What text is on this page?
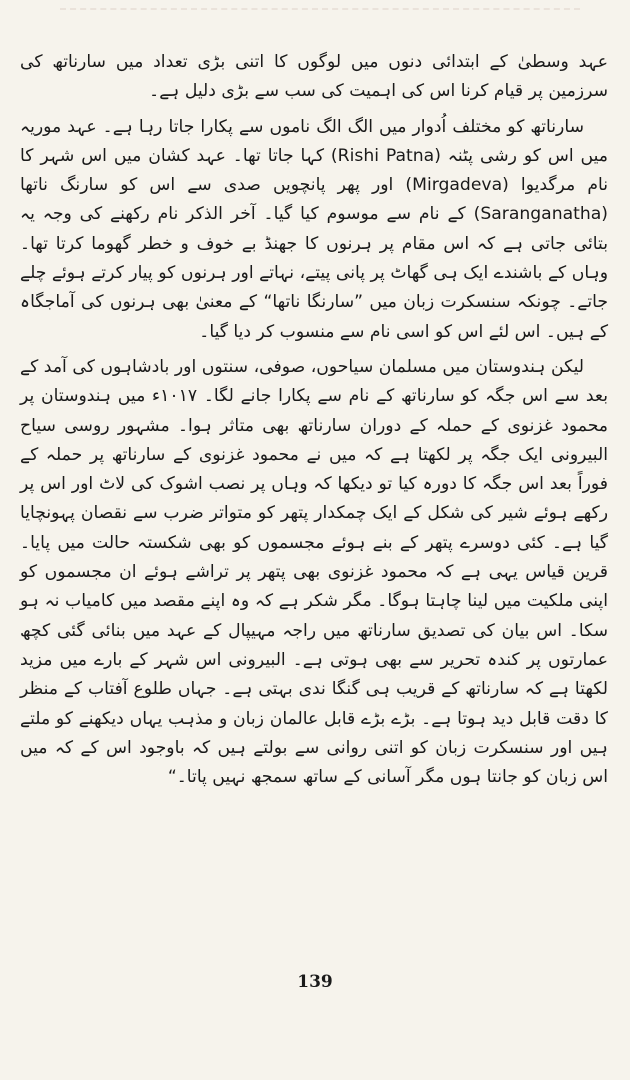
عہد وسطیٰ کے ابتدائی دنوں میں لوگوں کا اتنی بڑی تعداد میں سارناتھ کی سرزمین پر قیام کرنا اس کی اہمیت کی سب سے بڑی دلیل ہے۔

سارناتھ کو مختلف اُدوار میں الگ الگ ناموں سے پکارا جاتا رہا ہے۔ عہد موریہ میں اس کو رشی پٹنہ (Rishi Patna) کہا جاتا تھا۔ عہد کشان میں اس شہر کا نام مرگدیوا (Mirgadeva) اور پھر پانچویں صدی سے اس کو سارنگ ناتھا (Saranganatha) کے نام سے موسوم کیا گیا۔ آخر الذکر نام رکھنے کی وجہ یہ بتائی جاتی ہے کہ اس مقام پر ہرنوں کا جھنڈ بے خوف و خطر گھوما کرتا تھا۔ وہاں کے باشندے ایک ہی گھاٹ پر پانی پیتے، نہاتے اور ہرنوں کو پیار کرتے ہوئے چلے جاتے۔ چونکہ سنسکرت زبان میں ”سارنگا ناتھا“ کے معنیٰ بھی ہرنوں کی آماجگاہ کے ہیں۔ اس لئے اس کو اسی نام سے منسوب کر دیا گیا۔

لیکن ہندوستان میں مسلمان سیاحوں، صوفی، سنتوں اور بادشاہوں کی آمد کے بعد سے اس جگہ کو سارناتھ کے نام سے پکارا جانے لگا۔ ۱۰۱۷ء میں ہندوستان پر محمود غزنوی کے حملہ کے دوران سارناتھ بھی متاثر ہوا۔ مشہور روسی سیاح البیرونی ایک جگہ پر لکھتا ہے کہ میں نے محمود غزنوی کے سارناتھ پر حملہ کے فوراً بعد اس جگہ کا دورہ کیا تو دیکھا کہ وہاں پر نصب اشوک کی لاٹ اور اس پر رکھے ہوئے شیر کی شکل کے ایک چمکدار پتھر کو متواتر ضرب سے نقصان پہونچایا گیا ہے۔ کئی دوسرے پتھر کے بنے ہوئے مجسموں کو بھی شکستہ حالت میں پایا۔ قرین قیاس یہی ہے کہ محمود غزنوی بھی پتھر پر تراشے ہوئے ان مجسموں کو اپنی ملکیت میں لینا چاہتا ہوگا۔ مگر شکر ہے کہ وہ اپنے مقصد میں کامیاب نہ ہو سکا۔ اس بیان کی تصدیق سارناتھ میں راجہ مہیپال کے عہد میں بنائی گئی کچھ عمارتوں پر کندہ تحریر سے بھی ہوتی ہے۔ البیرونی اس شہر کے بارے میں مزید لکھتا ہے کہ سارناتھ کے قریب ہی گنگا ندی بہتی ہے۔ جہاں طلوع آفتاب کے منظر کا دقت قابل دید ہوتا ہے۔ بڑے بڑے قابل عالمان زبان و مذہب یہاں دیکھنے کو ملتے ہیں اور سنسکرت زبان کو اتنی روانی سے بولتے ہیں کہ باوجود اس کے کہ میں اس زبان کو جانتا ہوں مگر آسانی کے ساتھ سمجھ نہیں پاتا۔“

139
